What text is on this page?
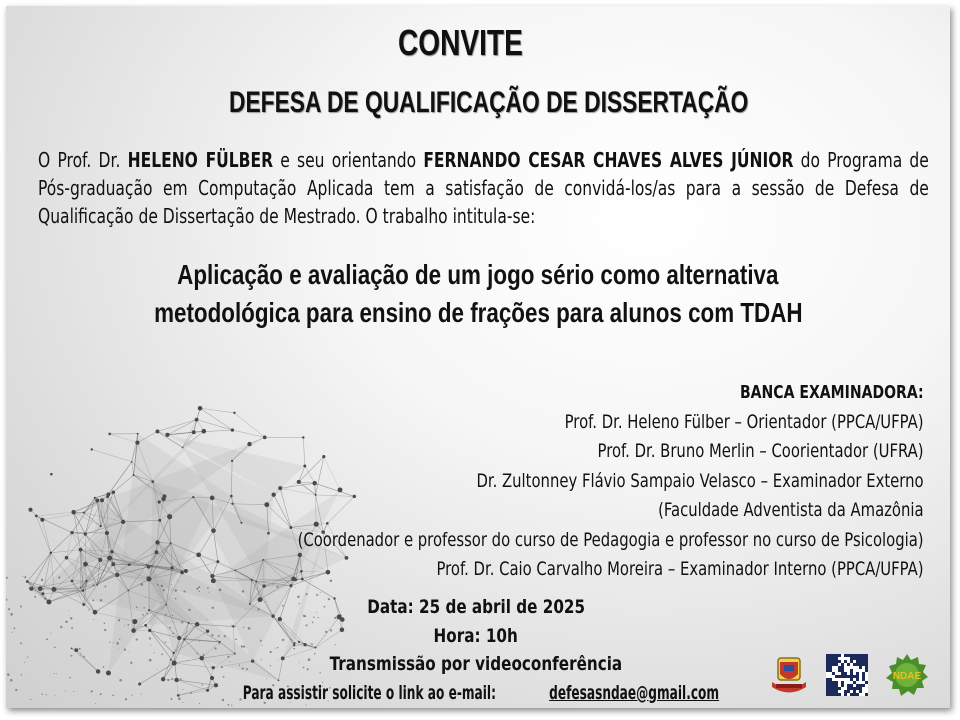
CONVITE
DEFESA DE QUALIFICAÇÃO DE DISSERTAÇÃO
O Prof. Dr. HELENO FÜLBER e seu orientando FERNANDO CESAR CHAVES ALVES JÚNIOR do Programa de Pós-graduação em Computação Aplicada tem a satisfação de convidá-los/as para a sessão de Defesa de Qualificação de Dissertação de Mestrado. O trabalho intitula-se:
Aplicação e avaliação de um jogo sério como alternativa
metodológica para ensino de frações para alunos com TDAH
BANCA EXAMINADORA:
Prof. Dr. Heleno Fülber – Orientador (PPCA/UFPA)
Prof. Dr. Bruno Merlin – Coorientador (UFRA)
Dr. Zultonney Flávio Sampaio Velasco – Examinador Externo
(Faculdade Adventista da Amazônia
(Coordenador e professor do curso de Pedagogia e professor no curso de Psicologia)
Prof. Dr. Caio Carvalho Moreira – Examinador Interno (PPCA/UFPA)
Data: 25 de abril de 2025
Hora: 10h
Transmissão por videoconferência
Para assistir solicite o link ao e-mail:	defesasndae@gmail.com
NDAE
